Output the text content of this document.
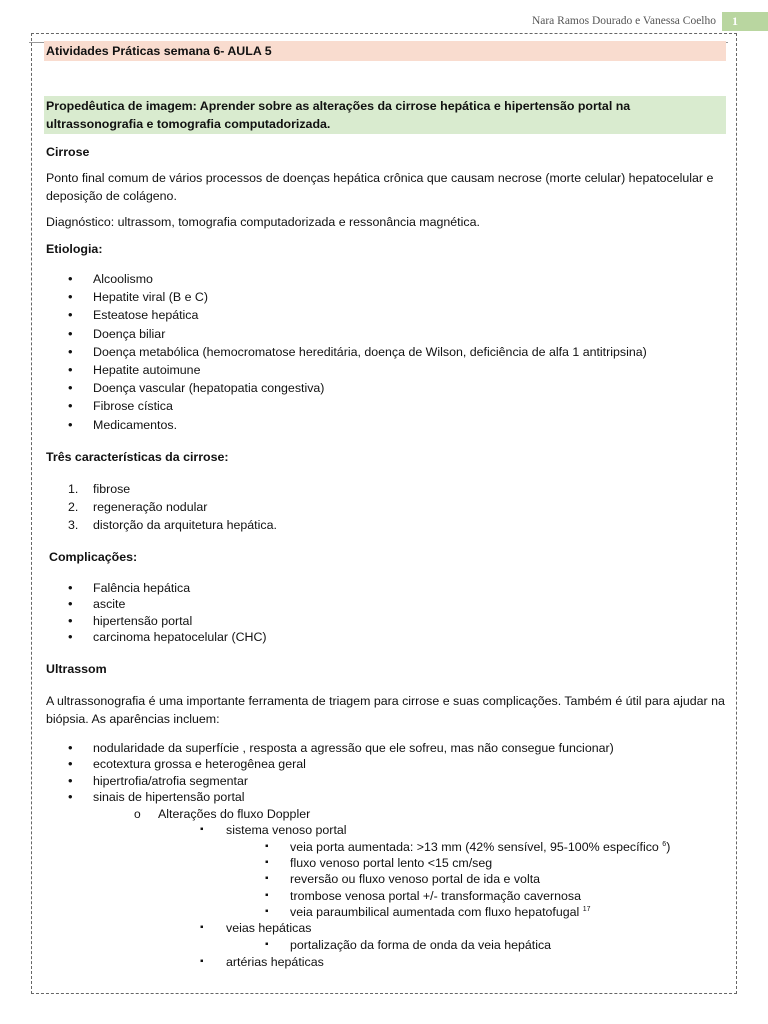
Nara Ramos Dourado e Vanessa Coelho	1
Atividades Práticas semana 6- AULA 5
Propedêutica de imagem: Aprender sobre as alterações da cirrose hepática e hipertensão portal na ultrassonografia e tomografia computadorizada.

Cirrose

Ponto final comum de vários processos de doenças hepática crônica que causam necrose (morte celular) hepatocelular e deposição de colágeno.

Diagnóstico: ultrassom, tomografia computadorizada e ressonância magnética.

Etiologia:

• Alcoolismo
• Hepatite viral (B e C)
• Esteatose hepática
• Doença biliar
• Doença metabólica (hemocromatose hereditária, doença de Wilson, deficiência de alfa 1 antitripsina)
• Hepatite autoimune
• Doença vascular (hepatopatia congestiva)
• Fibrose cística
• Medicamentos.

Três características da cirrose:

1. fibrose
2. regeneração nodular
3. distorção da arquitetura hepática.

Complicações:

• Falência hepática
• ascite
• hipertensão portal
• carcinoma hepatocelular (CHC)

Ultrassom

A ultrassonografia é uma importante ferramenta de triagem para cirrose e suas complicações. Também é útil para ajudar na biópsia. As aparências incluem:

• nodularidade da superfície , resposta a agressão que ele sofreu, mas não consegue funcionar)
• ecotextura grossa e heterogênea geral
• hipertrofia/atrofia segmentar
• sinais de hipertensão portal
o Alterações do fluxo Doppler
▪ sistema venoso portal
▪ veia porta aumentada: >13 mm (42% sensível, 95-100% específico $^6$)
▪ fluxo venoso portal lento <15 cm/seg
▪ reversão ou fluxo venoso portal de ida e volta
▪ trombose venosa portal +/- transformação cavernosa
▪ veia paraumbilical aumentada com fluxo hepatofugal $^{17}$
▪ veias hepáticas
▪ portalização da forma de onda da veia hepática
▪ artérias hepáticas
